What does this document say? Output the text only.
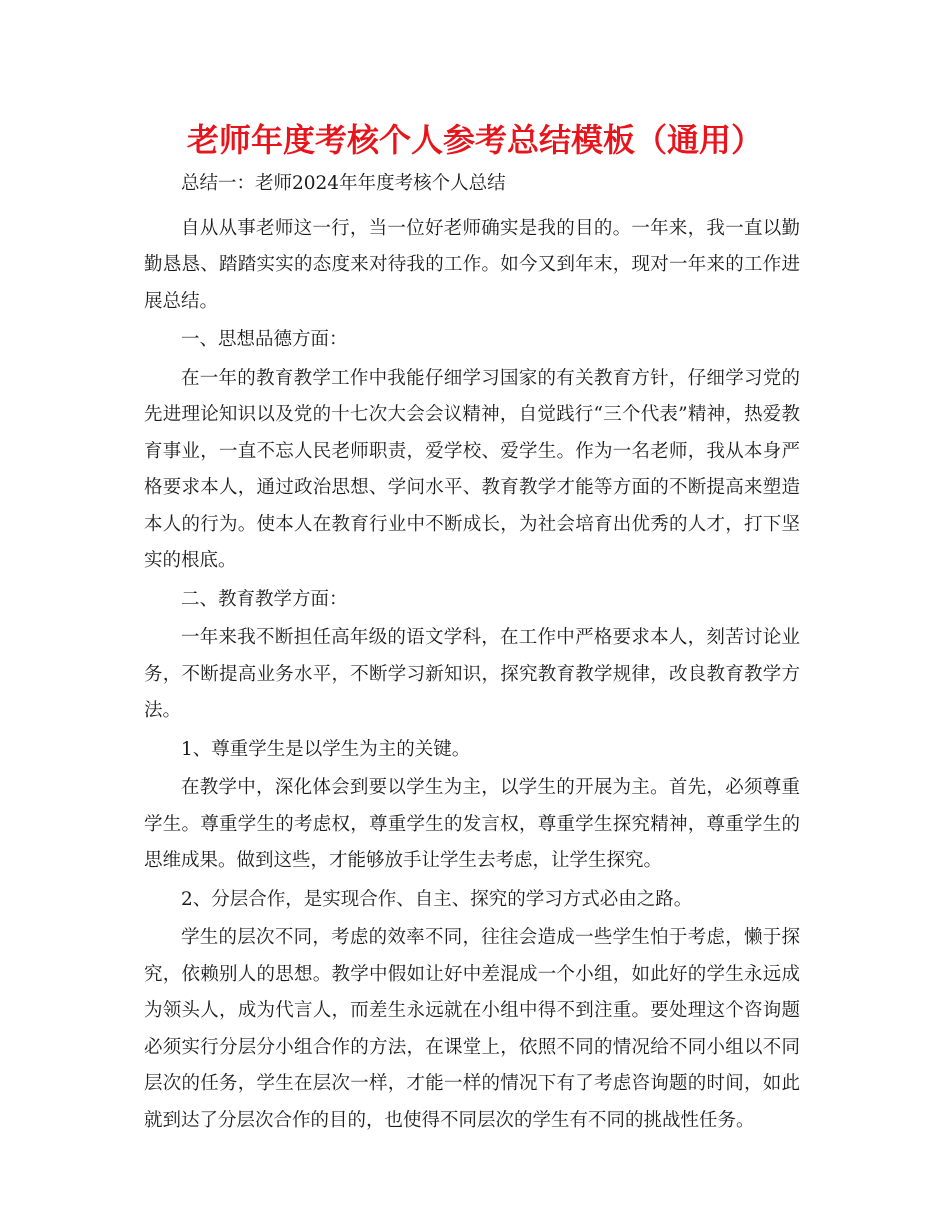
老师年度考核个人参考总结模板（通用）

总结一：老师2024年年度考核个人总结

自从从事老师这一行，当一位好老师确实是我的目的。一年来，我一直以勤勤恳恳、踏踏实实的态度来对待我的工作。如今又到年末，现对一年来的工作进展总结。

一、思想品德方面：

在一年的教育教学工作中我能仔细学习国家的有关教育方针，仔细学习党的先进理论知识以及党的十七次大会会议精神，自觉践行“三个代表”精神，热爱教育事业，一直不忘人民老师职责，爱学校、爱学生。作为一名老师，我从本身严格要求本人，通过政治思想、学问水平、教育教学才能等方面的不断提高来塑造本人的行为。使本人在教育行业中不断成长，为社会培育出优秀的人才，打下坚实的根底。

二、教育教学方面：

一年来我不断担任高年级的语文学科，在工作中严格要求本人，刻苦讨论业务，不断提高业务水平，不断学习新知识，探究教育教学规律，改良教育教学方法。

1、尊重学生是以学生为主的关键。

在教学中，深化体会到要以学生为主，以学生的开展为主。首先，必须尊重学生。尊重学生的考虑权，尊重学生的发言权，尊重学生探究精神，尊重学生的思维成果。做到这些，才能够放手让学生去考虑，让学生探究。

2、分层合作，是实现合作、自主、探究的学习方式必由之路。

学生的层次不同，考虑的效率不同，往往会造成一些学生怕于考虑，懒于探究，依赖别人的思想。教学中假如让好中差混成一个小组，如此好的学生永远成为领头人，成为代言人，而差生永远就在小组中得不到注重。要处理这个咨询题必须实行分层分小组合作的方法，在课堂上，依照不同的情况给不同小组以不同层次的任务，学生在层次一样，才能一样的情况下有了考虑咨询题的时间，如此就到达了分层次合作的目的，也使得不同层次的学生有不同的挑战性任务。
